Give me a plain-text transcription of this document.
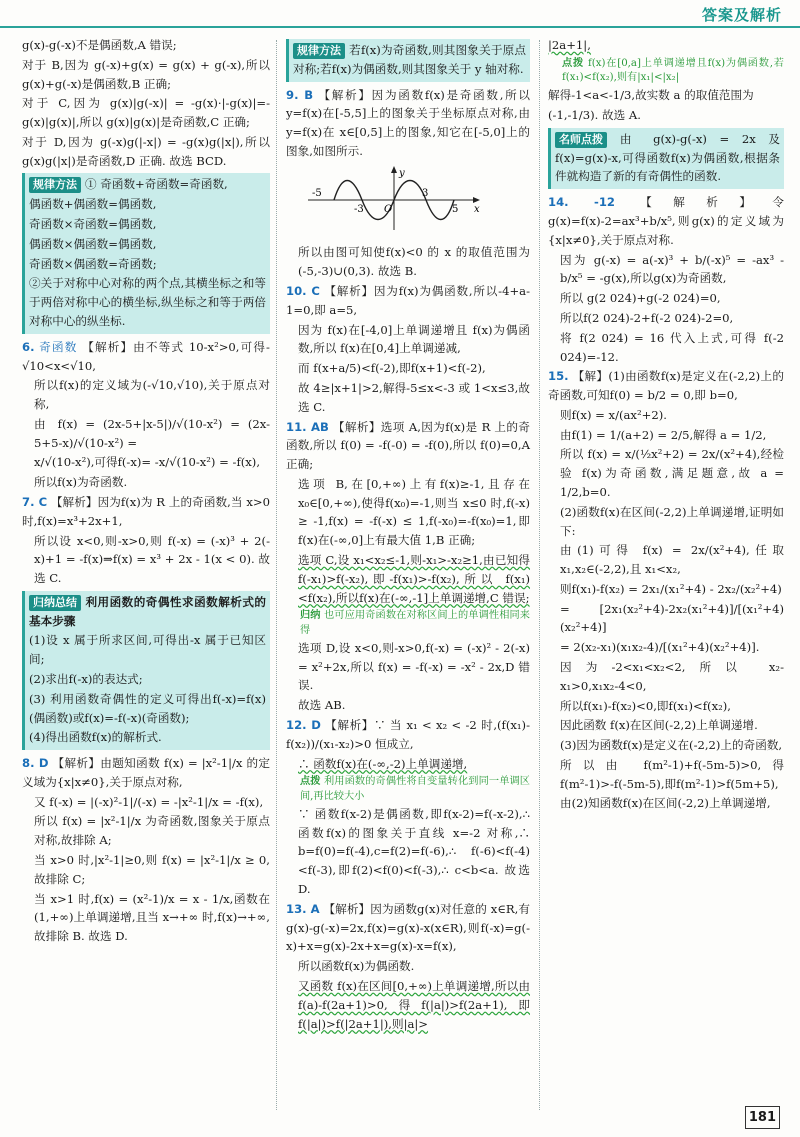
答案及解析

g(x)-g(-x)不是偶函数,A 错误;

对于 B,因为 g(-x)+g(x) = g(x) + g(-x),所以 g(x)+g(-x)是偶函数,B 正确;

对于 C,因为 g(x)|g(-x)| = -g(x)·|-g(x)|=-g(x)|g(x)|,所以 g(x)|g(x)|是奇函数,C 正确;

对于 D,因为 g(-x)g(|-x|) = -g(x)g(|x|),所以 g(x)g(|x|)是奇函数,D 正确. 故选 BCD.

规律方法 ① 奇函数+奇函数=奇函数,

偶函数+偶函数=偶函数,

奇函数×奇函数=偶函数,

偶函数×偶函数=偶函数,

奇函数×偶函数=奇函数;

②关于对称中心对称的两个点,其横坐标之和等于两倍对称中心的横坐标,纵坐标之和等于两倍对称中心的纵坐标.

6. 奇函数 【解析】由不等式 10-x²>0,可得-√10<x<√10,

所以f(x)的定义域为(-√10,√10),关于原点对称,

由 f(x) = (2x-5+|x-5|)/√(10-x²) = (2x-5+5-x)/√(10-x²) =

x/√(10-x²),可得f(-x)= -x/√(10-x²) = -f(x),

所以f(x)为奇函数.

7. C 【解析】因为f(x)为 R 上的奇函数,当 x>0 时,f(x)=x³+2x+1,

所以设 x<0,则-x>0,则 f(-x) = (-x)³ + 2(-x)+1 = -f(x)⇒f(x) = x³ + 2x - 1(x < 0). 故选 C.

归纳总结 利用函数的奇偶性求函数解析式的基本步骤

(1)设 x 属于所求区间,可得出-x 属于已知区间;

(2)求出f(-x)的表达式;

(3) 利用函数奇偶性的定义可得出f(-x)=f(x)(偶函数)或f(x)=-f(-x)(奇函数);

(4)得出函数f(x)的解析式.

8. D 【解析】由题知函数 f(x) = |x²-1|/x 的定义域为{x|x≠0},关于原点对称,

又 f(-x) = |(-x)²-1|/(-x) = -|x²-1|/x = -f(x),

所以 f(x) = |x²-1|/x 为奇函数,图象关于原点对称,故排除 A;

当 x>0 时,|x²-1|≥0,则 f(x) = |x²-1|/x ≥ 0,故排除 C;

当 x>1 时,f(x) = (x²-1)/x = x - 1/x,函数在(1,+∞)上单调递增,且当 x→+∞ 时,f(x)→+∞,故排除 B. 故选 D.

规律方法 若f(x)为奇函数,则其图象关于原点对称;若f(x)为偶函数,则其图象关于 y 轴对称.

9. B 【解析】因为函数f(x)是奇函数,所以 y=f(x)在[-5,5]上的图象关于坐标原点对称,由 y=f(x)在 x∈[0,5]上的图象,知它在[-5,0]上的图象,如图所示.

-5
-3 O
3
5 x
y

所以由图可知使f(x)<0 的 x 的取值范围为(-5,-3)∪(0,3). 故选 B.

10. C 【解析】因为f(x)为偶函数,所以-4+a-1=0,即 a=5,

因为 f(x)在[-4,0]上单调递增且 f(x)为偶函数,所以 f(x)在[0,4]上单调递减,

而 f(x+a/5)<f(-2),即f(x+1)<f(-2),

故 4≥|x+1|>2,解得-5≤x<-3 或 1<x≤3,故选 C.

11. AB 【解析】选项 A,因为f(x)是 R 上的奇函数,所以 f(0) = -f(-0) = -f(0),所以 f(0)=0,A 正确;

选项 B,在[0,+∞)上有f(x)≥-1,且存在 x₀∈[0,+∞),使得f(x₀)=-1,则当 x≤0 时,f(-x) ≥ -1,f(x) = -f(-x) ≤ 1,f(-x₀)=-f(x₀)=1,即 f(x)在(-∞,0]上有最大值 1,B 正确;

选项 C,设 x₁<x₂≤-1,则-x₁>-x₂≥1,由已知得 f(-x₁)>f(-x₂),即-f(x₁)>-f(x₂),所以 f(x₁)<f(x₂),所以f(x)在(-∞,-1]上单调递增,C 错误;

归纳 也可应用奇函数在对称区间上的单调性相同来得

选项 D,设 x<0,则-x>0,f(-x) = (-x)² - 2(-x) = x²+2x,所以 f(x) = -f(-x) = -x² - 2x,D 错误.

故选 AB.

12. D 【解析】∵ 当 x₁ < x₂ < -2 时,(f(x₁)-f(x₂))/(x₁-x₂)>0 恒成立,

∴ 函数f(x)在(-∞,-2)上单调递增,

点拨 利用函数的奇偶性将自变量转化到同一单调区间,再比较大小

∵ 函数f(x-2)是偶函数,即f(x-2)=f(-x-2),∴ 函数f(x)的图象关于直线 x=-2 对称,∴ b=f(0)=f(-4),c=f(2)=f(-6),∴ f(-6)<f(-4)<f(-3),即f(2)<f(0)<f(-3),∴ c<b<a. 故选 D.

13. A 【解析】因为函数g(x)对任意的 x∈R,有 g(x)-g(-x)=2x,f(x)=g(x)-x(x∈R),则f(-x)=g(-x)+x=g(x)-2x+x=g(x)-x=f(x),

所以函数f(x)为偶函数.

又函数 f(x)在区间[0,+∞)上单调递增,所以由f(a)-f(2a+1)>0,得f(|a|)>f(2a+1),即 f(|a|)>f(|2a+1|),则|a|>

|2a+1|,

点拨 f(x)在[0,a]上单调递增且f(x)为偶函数,若f(x₁)<f(x₂),则有|x₁|<|x₂|

解得-1<a<-1/3,故实数 a 的取值范围为

(-1,-1/3). 故选 A.

名师点拨 由 g(x)-g(-x) = 2x 及 f(x)=g(x)-x,可得函数f(x)为偶函数,根据条件就构造了新的有奇偶性的函数.

14. -12 【解析】令 g(x)=f(x)-2=ax³+b/x⁵,则g(x)的定义域为{x|x≠0},关于原点对称.

因为 g(-x) = a(-x)³ + b/(-x)⁵ = -ax³ - b/x⁵ = -g(x),所以g(x)为奇函数,

所以 g(2 024)+g(-2 024)=0,

所以f(2 024)-2+f(-2 024)-2=0,

将 f(2 024) = 16 代入上式,可得 f(-2 024)=-12.

15. 【解】(1)由函数f(x)是定义在(-2,2)上的奇函数,可知f(0) = b/2 = 0,即 b=0,

则f(x) = x/(ax²+2).

由f(1) = 1/(a+2) = 2/5,解得 a = 1/2,

所以 f(x) = x/(½x²+2) = 2x/(x²+4),经检验 f(x)为奇函数,满足题意,故 a = 1/2,b=0.

(2)函数f(x)在区间(-2,2)上单调递增,证明如下:

由(1)可得 f(x) = 2x/(x²+4),任取 x₁,x₂∈(-2,2),且 x₁<x₂,

则f(x₁)-f(x₂) = 2x₁/(x₁²+4) - 2x₂/(x₂²+4)

= [2x₁(x₂²+4)-2x₂(x₁²+4)]/[(x₁²+4)(x₂²+4)]

= 2(x₂-x₁)(x₁x₂-4)/[(x₁²+4)(x₂²+4)].

因为-2<x₁<x₂<2,所以 x₂-x₁>0,x₁x₂-4<0,

所以f(x₁)-f(x₂)<0,即f(x₁)<f(x₂),

因此函数 f(x)在区间(-2,2)上单调递增.

(3)因为函数f(x)是定义在(-2,2)上的奇函数,

所以由 f(m²-1)+f(-5m-5)>0,得 f(m²-1)>-f(-5m-5),即f(m²-1)>f(5m+5),

由(2)知函数f(x)在区间(-2,2)上单调递增,

181
